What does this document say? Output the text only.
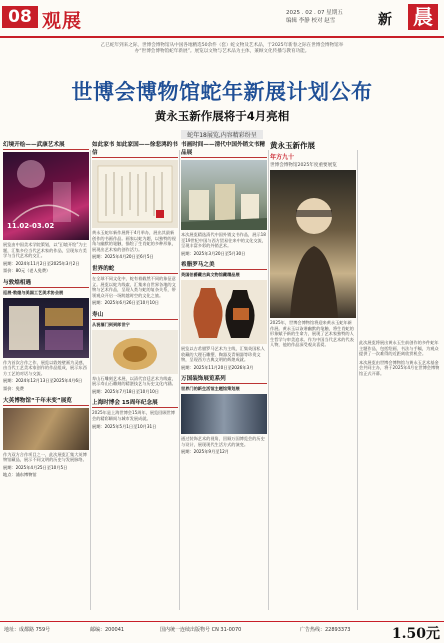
08 观展	2025 . 02 . 07 星期五
编辑 李静 校对 赵雪	新 晨
乙巳蛇年到来之际，世博会博物馆从中国各地精选50余件（套）蛇文物及艺术品，于2025年新春之际在世博会博物馆举办“世博会博物馆蛇年新展”。展览以文物与艺术品为主体，兼顾文化传播与教育功能。
世博会博物馆蛇年新展计划公布
黄永玉新作展将于4月亮相
蛇年18展览,内容精彩纷呈
幻境开绘——武康艺术展
11.02-03.02
展览由中国美术学院策划，以“幻境开绘”为主题，汇集多位当代艺术家的作品，呈现东方美学与当代艺术的交汇。
展期：2024年11月2日至2025年3月2日
票价：80元（老人免费）
与敦煌相遇
巡展·敦煌与美国工艺美术协会展
作为首次合作之作，展览以敦煌壁画为灵感，由当代工艺美术家创作的作品组成，展示东西方工艺的对话与交流。
展期：2024年12月13日至2025年4月6日
票价：免费
大英博物馆“千年未变”展览
作为双方合作项目之一，此次展览汇集大英博物馆藏品，展示不同文明的历史与发展脉络。
展期：2025年4月25日至10月5日
地点：浦东博物馆
如此家书 如此家国——徐悲鸿的书信
黄永玉蛇年新作展将于4月举办，展出其最新创作的书画作品。画家以蛇为题，以独特的视角与幽默的笔触，描绘了生肖蛇的多种形象，展现出艺术家的创作活力。
展期：2025年4月20日至6月5日
世界的蛇
在全球不同文化中，蛇有着截然不同的象征意义。展览以蛇为线索，汇集来自世界各地的文物与艺术作品，呈现人类与蛇的复杂关系，带领观众开启一场跨越时空的文化之旅。
展期：2025年6月26日至10月10日
寿山
从祝福门到到郎世宁
寿山石雕刻艺术展，以清代宫廷艺术为线索，展示寿山石雕刻的精湛技艺与历史文化内涵。
展期：2025年7月18日至10月10日
上海时博会 15周年纪念展
2025年是上海世博会15周年，展览回顾世博会的精彩瞬间与城市发展成就。
展期：2025年5月1日至10月31日
书画时间——清代中国外销文书精品展
本次展览精选清代中国外销文书作品，展示18至19世纪中国与西方贸易往来中的文化交流，呈现丰富多彩的外销艺术。
展期：2025年3月20日至5月30日
希腊罗马之美
英国伯爵藏古典文物馆藏精品展
展览以古希腊罗马艺术为主线，汇集英国私人收藏的大理石雕塑、陶器及青铜器等珍贵文物，呈现西方古典文明的辉煌成就。
展期：2025年11月20日至2026年3月
万国装饰展览系列
世界门的新生活馆主题馆策划展
通过装饰艺术的视角，回顾万国博览会的历史与设计，展现现代生活方式的演变。
展期：2025年9月至12月
黄永玉新作展
年方九十
世博会博物馆2025年度重要展览
2025年，世博会博物馆将迎来黄永玉蛇年新作展。黄永玉以诙谐幽默的笔触，将生肖蛇的形象赋予新的生命力，展现了艺术家独特的人生哲学与审美追求。作为中国当代艺术的代表人物，他的作品深受观众喜爱。	此次展览将展出黄永玉生前创作的多件蛇年主题作品，包括绘画、书法与手稿，为观众提供了一次难得的近距离欣赏机会。
本次展览由世博会博物馆与黄永玉艺术基金会共同主办，将于2025年4月在世博会博物馆正式开幕。
地址：成都路 759号	邮编：200041	国内统一连续出版物号 CN 31-0070	广告热线：22893373	1.50元
